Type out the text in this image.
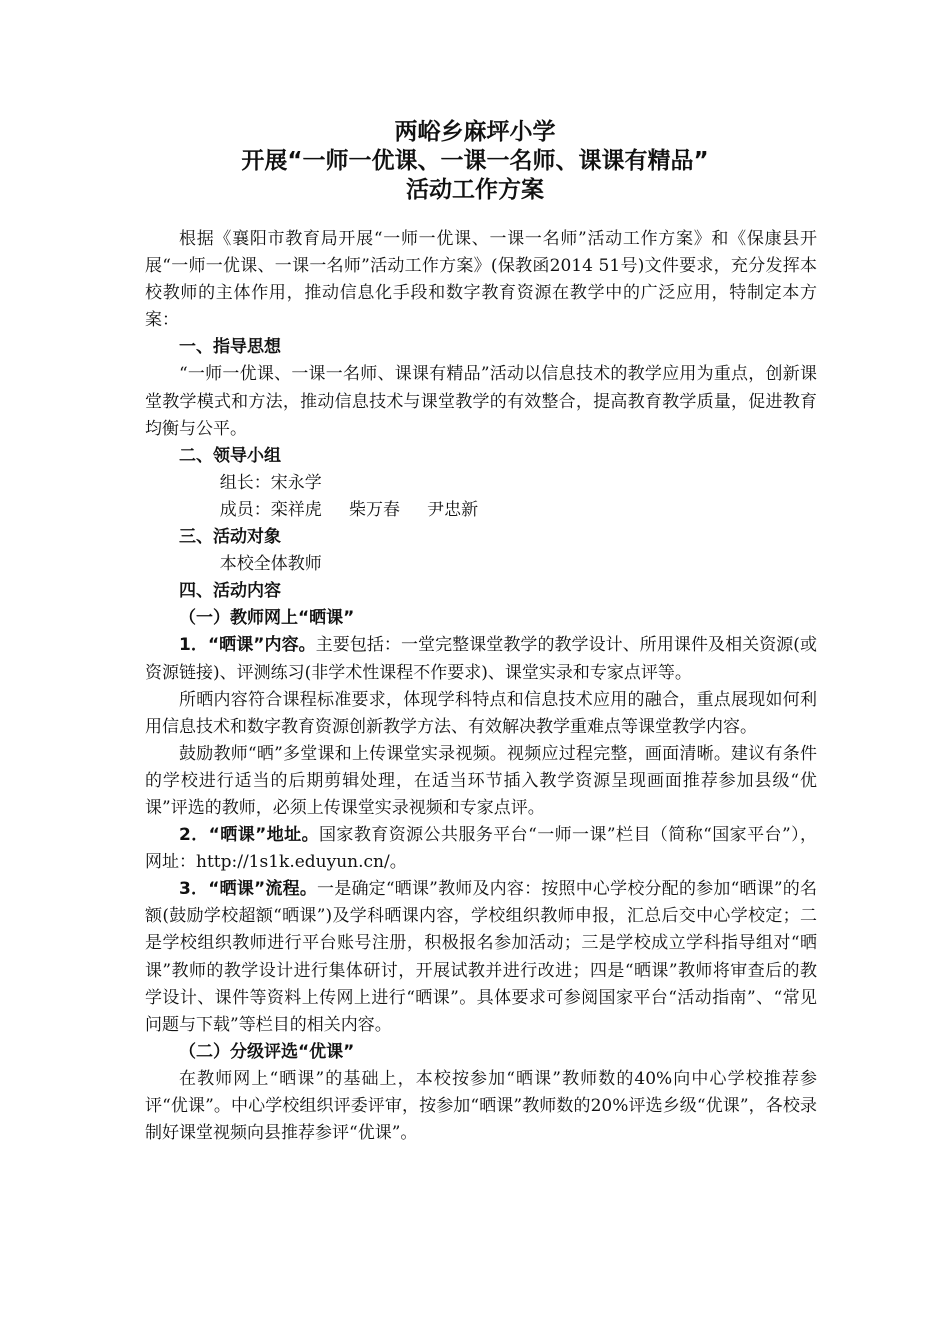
两峪乡麻坪小学
开展“一师一优课、一课一名师、课课有精品”
活动工作方案

根据《襄阳市教育局开展“一师一优课、一课一名师”活动工作方案》和《保康县开展“一师一优课、一课一名师”活动工作方案》(保教函2014 51号)文件要求，充分发挥本校教师的主体作用，推动信息化手段和数字教育资源在教学中的广泛应用，特制定本方案：

一、指导思想

“一师一优课、一课一名师、课课有精品”活动以信息技术的教学应用为重点，创新课堂教学模式和方法，推动信息技术与课堂教学的有效整合，提高教育教学质量，促进教育均衡与公平。

二、领导小组

组长：宋永学

成员：栾祥虎 柴万春 尹忠新

三、活动对象

本校全体教师

四、活动内容

（一）教师网上“晒课”

1．“晒课”内容。主要包括：一堂完整课堂教学的教学设计、所用课件及相关资源(或资源链接)、评测练习(非学术性课程不作要求)、课堂实录和专家点评等。

所晒内容符合课程标准要求，体现学科特点和信息技术应用的融合，重点展现如何利用信息技术和数字教育资源创新教学方法、有效解决教学重难点等课堂教学内容。

鼓励教师“晒”多堂课和上传课堂实录视频。视频应过程完整，画面清晰。建议有条件的学校进行适当的后期剪辑处理，在适当环节插入教学资源呈现画面推荐参加县级“优课”评选的教师，必须上传课堂实录视频和专家点评。

2．“晒课”地址。国家教育资源公共服务平台“一师一课”栏目（简称“国家平台”），网址：http://1s1k.eduyun.cn/。

3．“晒课”流程。一是确定“晒课”教师及内容：按照中心学校分配的参加“晒课”的名额(鼓励学校超额“晒课”)及学科晒课内容，学校组织教师申报，汇总后交中心学校定；二是学校组织教师进行平台账号注册，积极报名参加活动；三是学校成立学科指导组对“晒课”教师的教学设计进行集体研讨，开展试教并进行改进；四是“晒课”教师将审查后的教学设计、课件等资料上传网上进行“晒课”。具体要求可参阅国家平台“活动指南”、“常见问题与下载”等栏目的相关内容。

（二）分级评选“优课”

在教师网上“晒课”的基础上，本校按参加“晒课”教师数的40%向中心学校推荐参评“优课”。中心学校组织评委评审，按参加“晒课”教师数的20%评选乡级“优课”，各校录制好课堂视频向县推荐参评“优课”。
